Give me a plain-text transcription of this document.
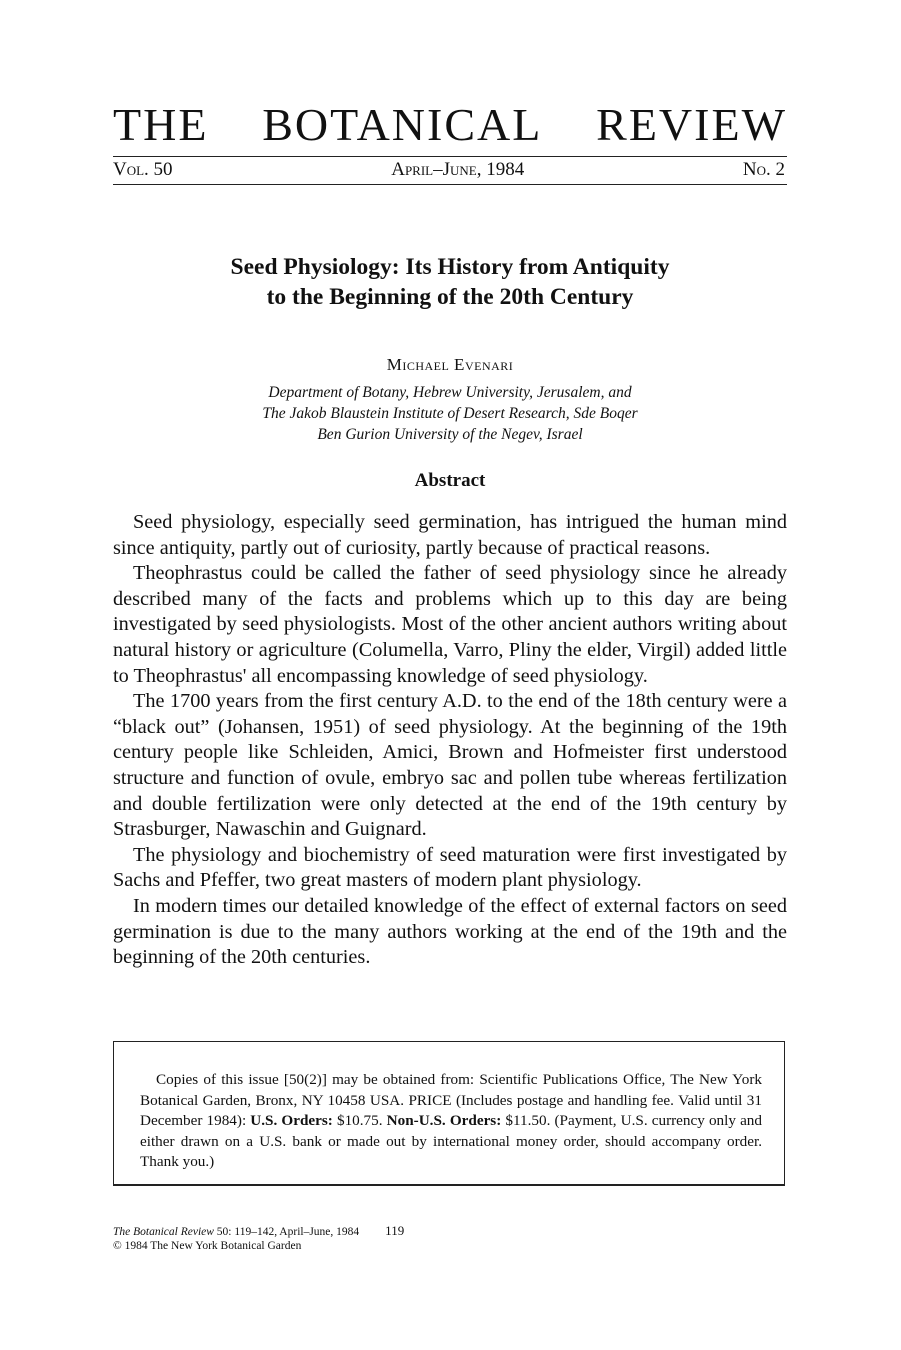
THE BOTANICAL REVIEW
Vol. 50	April–June, 1984	No. 2
Seed Physiology: Its History from Antiquity
to the Beginning of the 20th Century
Michael Evenari
Department of Botany, Hebrew University, Jerusalem, and
The Jakob Blaustein Institute of Desert Research, Sde Boqer
Ben Gurion University of the Negev, Israel
Abstract

Seed physiology, especially seed germination, has intrigued the human mind since antiquity, partly out of curiosity, partly because of practical reasons.

Theophrastus could be called the father of seed physiology since he already described many of the facts and problems which up to this day are being investigated by seed physiologists. Most of the other ancient authors writing about natural history or agriculture (Columella, Varro, Pliny the elder, Virgil) added little to Theophrastus' all encompassing knowledge of seed physiology.

The 1700 years from the first century A.D. to the end of the 18th century were a “black out” (Johansen, 1951) of seed physiology. At the beginning of the 19th century people like Schleiden, Amici, Brown and Hofmeister first understood structure and function of ovule, embryo sac and pollen tube whereas fertilization and double fertilization were only detected at the end of the 19th century by Strasburger, Nawaschin and Guignard.

The physiology and biochemistry of seed maturation were first investigated by Sachs and Pfeffer, two great masters of modern plant physiology.

In modern times our detailed knowledge of the effect of external factors on seed germination is due to the many authors working at the end of the 19th and the beginning of the 20th centuries.

Copies of this issue [50(2)] may be obtained from: Scientific Publications Office, The New York Botanical Garden, Bronx, NY 10458 USA. PRICE (Includes postage and handling fee. Valid until 31 December 1984): U.S. Orders: $10.75. Non-U.S. Orders: $11.50. (Payment, U.S. currency only and either drawn on a U.S. bank or made out by international money order, should accompany order. Thank you.)
The Botanical Review 50: 119–142, April–June, 1984 119
© 1984 The New York Botanical Garden
